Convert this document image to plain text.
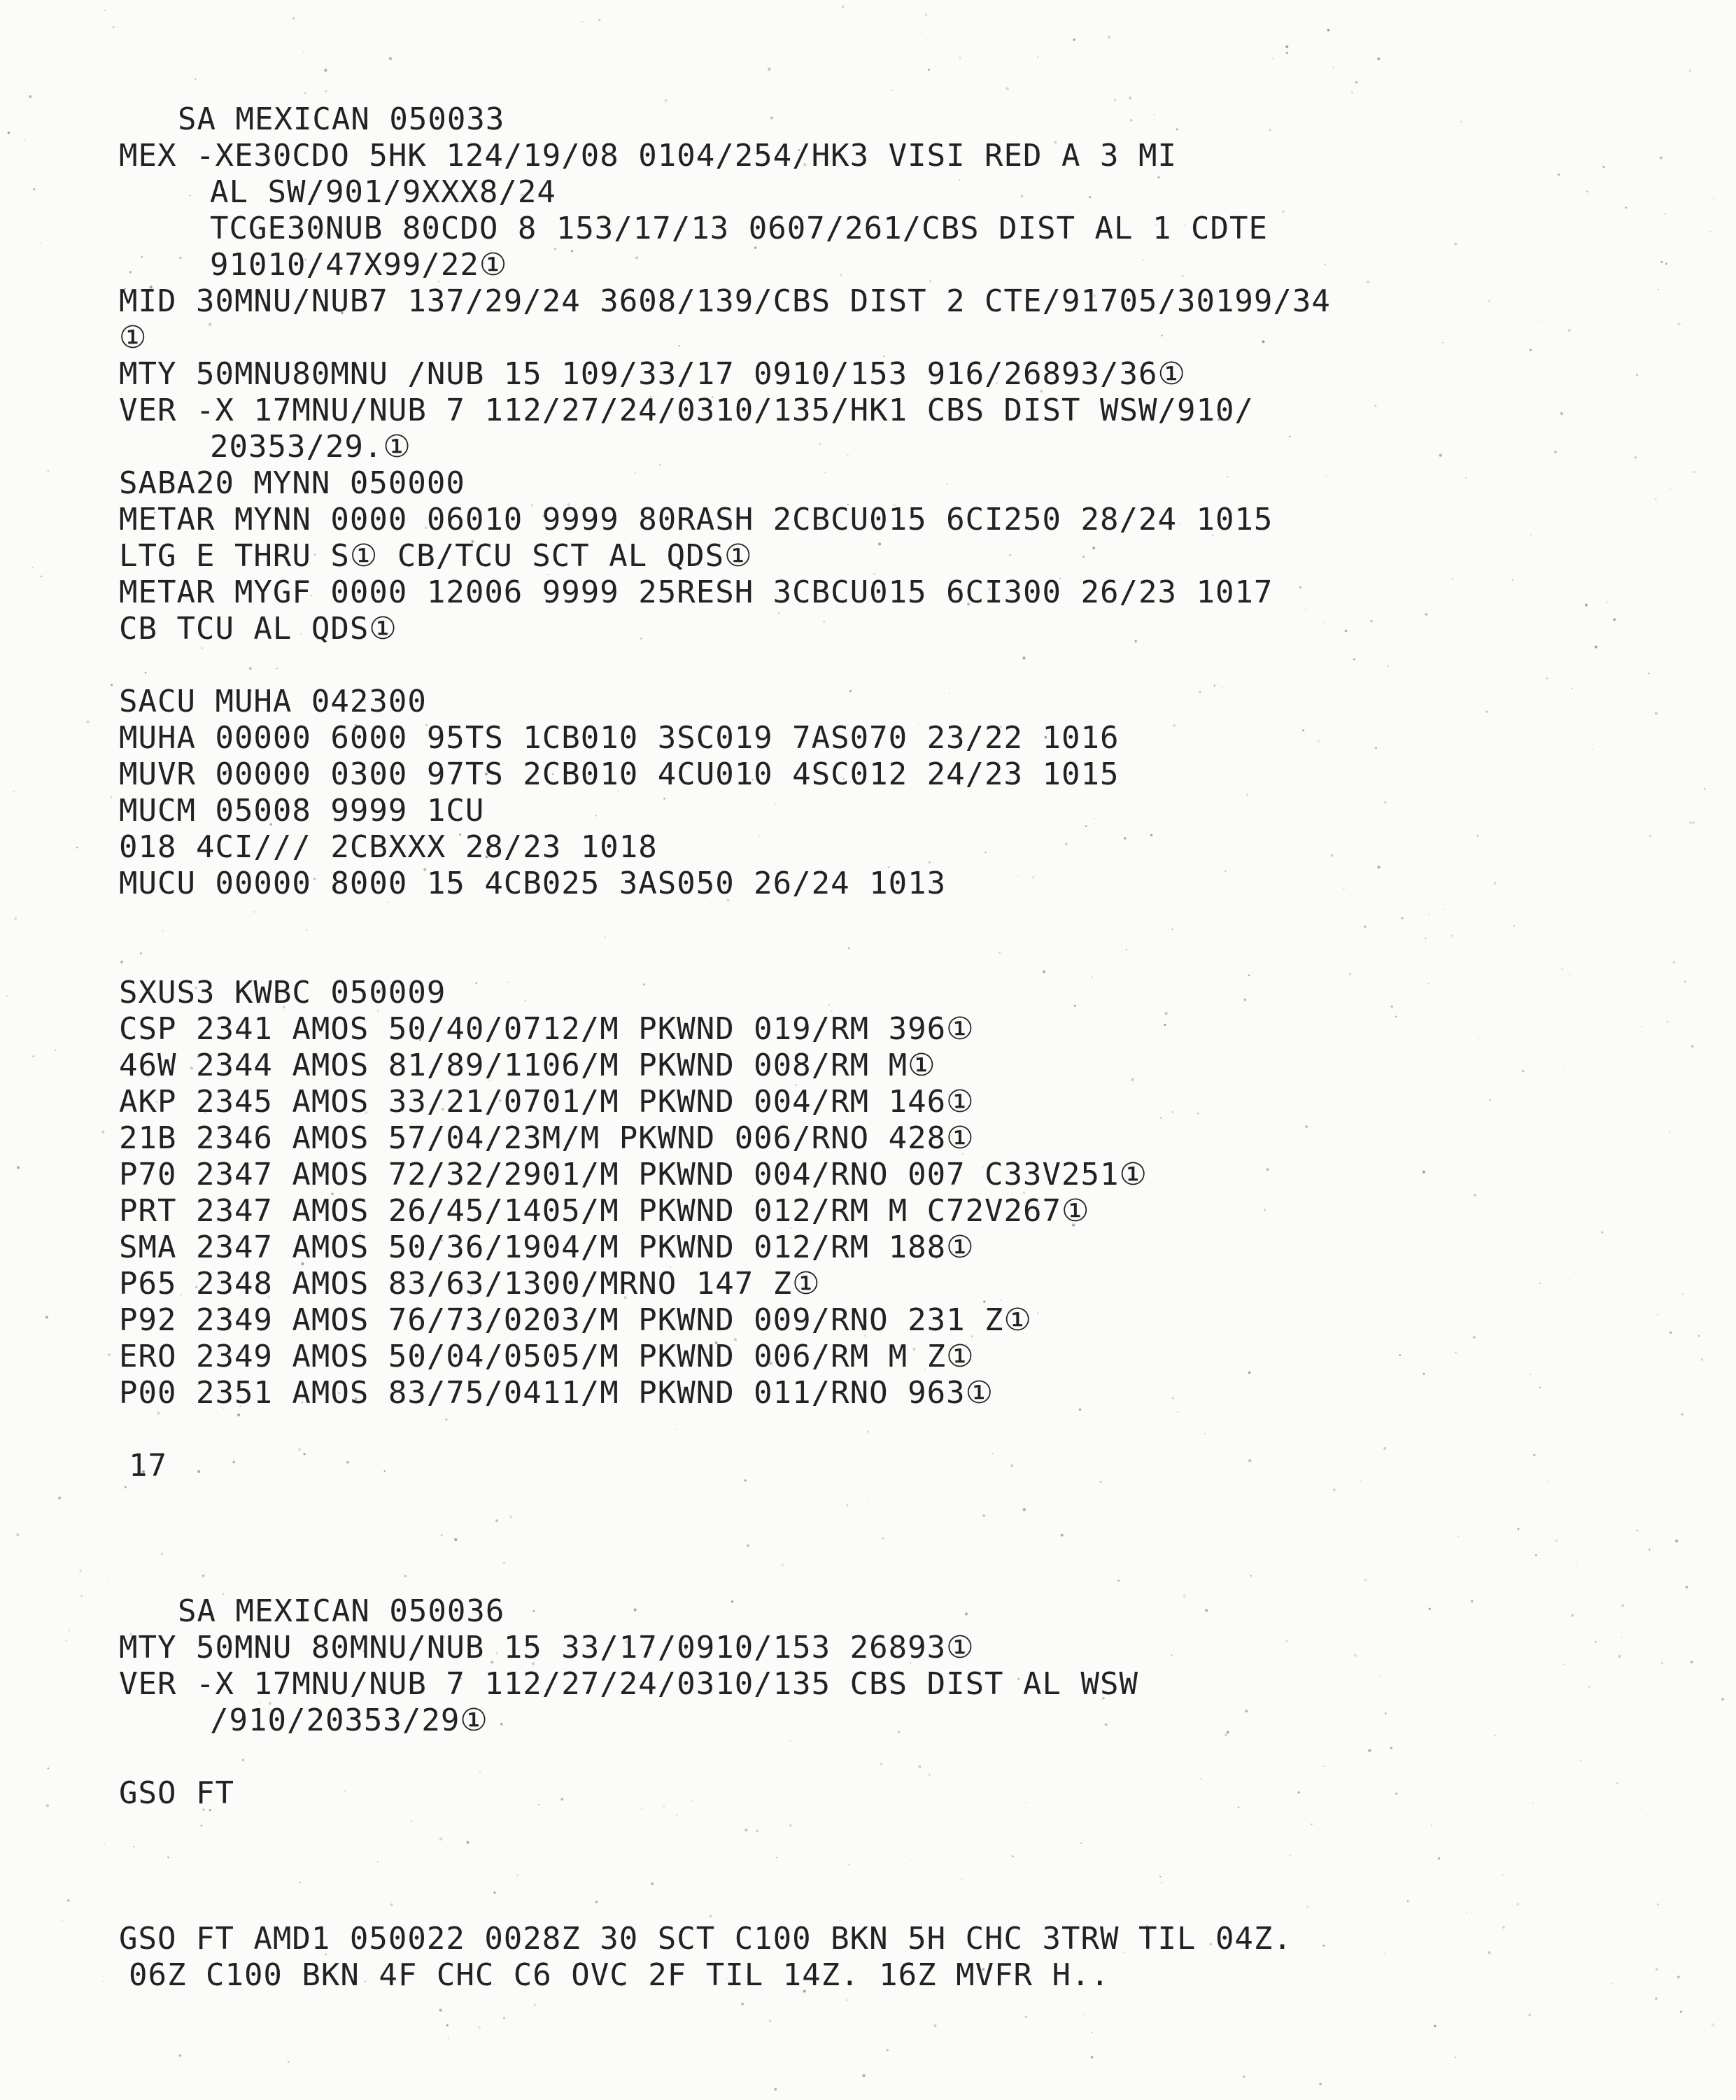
SA MEXICAN 050033
MEX -XE30CDO 5HK 124/19/08 0104/254/HK3 VISI RED A 3 MI
AL SW/901/9XXX8/24
TCGE30NUB 80CDO 8 153/17/13 0607/261/CBS DIST AL 1 CDTE
91010/47X99/22①
MID 30MNU/NUB7 137/29/24 3608/139/CBS DIST 2 CTE/91705/30199/34
①
MTY 50MNU80MNU /NUB 15 109/33/17 0910/153 916/26893/36①
VER -X 17MNU/NUB 7 112/27/24/0310/135/HK1 CBS DIST WSW/910/
20353/29.①
SABA20 MYNN 050000
METAR MYNN 0000 06010 9999 80RASH 2CBCU015 6CI250 28/24 1015
LTG E THRU S① CB/TCU SCT AL QDS①
METAR MYGF 0000 12006 9999 25RESH 3CBCU015 6CI300 26/23 1017
CB TCU AL QDS①
SACU MUHA 042300
MUHA 00000 6000 95TS 1CB010 3SC019 7AS070 23/22 1016
MUVR 00000 0300 97TS 2CB010 4CU010 4SC012 24/23 1015
MUCM 05008 9999 1CU
018 4CI/// 2CBXXX 28/23 1018
MUCU 00000 8000 15 4CB025 3AS050 26/24 1013
SXUS3 KWBC 050009
CSP 2341 AMOS 50/40/0712/M PKWND 019/RM 396①
46W 2344 AMOS 81/89/1106/M PKWND 008/RM M①
AKP 2345 AMOS 33/21/0701/M PKWND 004/RM 146①
21B 2346 AMOS 57/04/23M/M PKWND 006/RNO 428①
P70 2347 AMOS 72/32/2901/M PKWND 004/RNO 007 C33V251①
PRT 2347 AMOS 26/45/1405/M PKWND 012/RM M C72V267①
SMA 2347 AMOS 50/36/1904/M PKWND 012/RM 188①
P65 2348 AMOS 83/63/1300/MRNO 147 Z①
P92 2349 AMOS 76/73/0203/M PKWND 009/RNO 231 Z①
ERO 2349 AMOS 50/04/0505/M PKWND 006/RM M Z①
P00 2351 AMOS 83/75/0411/M PKWND 011/RNO 963①
17
SA MEXICAN 050036
MTY 50MNU 80MNU/NUB 15 33/17/0910/153 26893①
VER -X 17MNU/NUB 7 112/27/24/0310/135 CBS DIST AL WSW
/910/20353/29①
GSO FT
GSO FT AMD1 050022 0028Z 30 SCT C100 BKN 5H CHC 3TRW TIL 04Z.
06Z C100 BKN 4F CHC C6 OVC 2F TIL 14Z. 16Z MVFR H..
